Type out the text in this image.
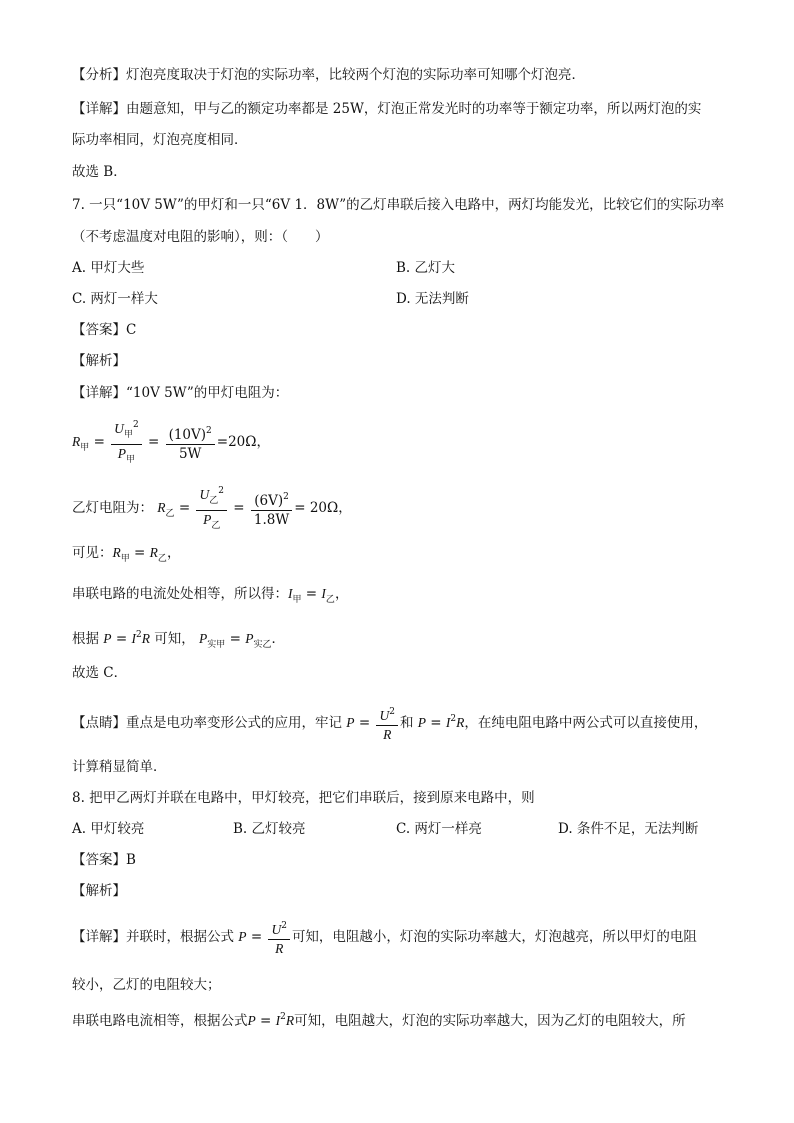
【分析】灯泡亮度取决于灯泡的实际功率，比较两个灯泡的实际功率可知哪个灯泡亮．
【详解】由题意知，甲与乙的额定功率都是 25W，灯泡正常发光时的功率等于额定功率，所以两灯泡的实
际功率相同，灯泡亮度相同．
故选 B．
7. 一只“10V 5W”的甲灯和一只“6V 1．8W”的乙灯串联后接入电路中，两灯均能发光，比较它们的实际功率
（不考虑温度对电阻的影响），则：（　　）
A. 甲灯大些	B. 乙灯大
C. 两灯一样大	D. 无法判断
【答案】C
【解析】
【详解】“10V 5W”的甲灯电阻为：
$R_甲 = \frac{U_甲^2}{P_甲} = \frac{(10V)^2}{5W} =20\Omega$，
乙灯电阻为： $R_乙 = \frac{U_乙^2}{P_乙} = \frac{(6V)^2}{1.8W} = 20\Omega$，
可见：$R_甲 = R_乙$，
串联电路的电流处处相等，所以得：$I_甲 = I_乙$，
根据 $P = I^2R$ 可知， $P_{实甲} = P_{实乙}$．
故选 C．
【点睛】重点是电功率变形公式的应用，牢记 $P = \frac{U^2}{R}$ 和 $P = I^2R$，在纯电阻电路中两公式可以直接使用，
计算稍显简单．
8. 把甲乙两灯并联在电路中，甲灯较亮，把它们串联后，接到原来电路中，则
A. 甲灯较亮	B. 乙灯较亮	C. 两灯一样亮	D. 条件不足，无法判断
【答案】B
【解析】
【详解】并联时，根据公式 $P = \frac{U^2}{R}$ 可知，电阻越小，灯泡的实际功率越大，灯泡越亮，所以甲灯的电阻
较小，乙灯的电阻较大；
串联电路电流相等，根据公式$P = I^2R$可知，电阻越大，灯泡的实际功率越大，因为乙灯的电阻较大，所
